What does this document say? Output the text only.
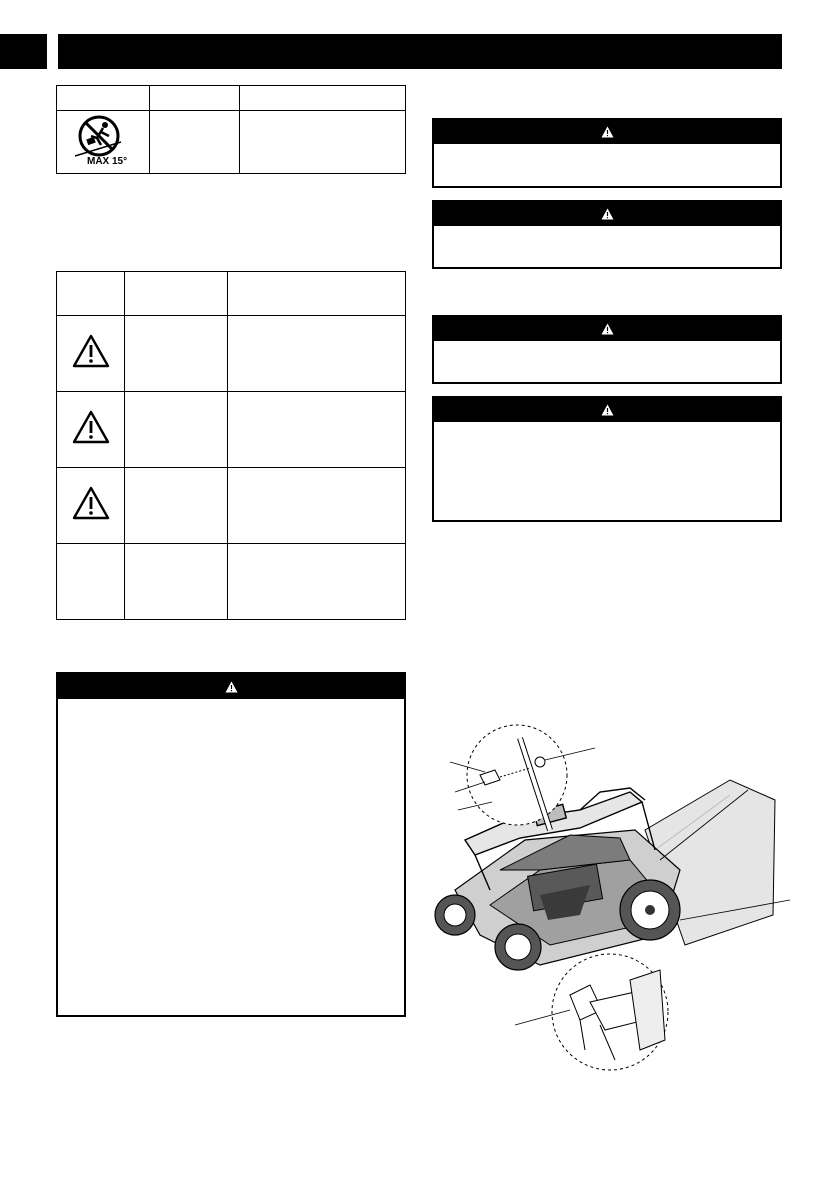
MAX 15°		
